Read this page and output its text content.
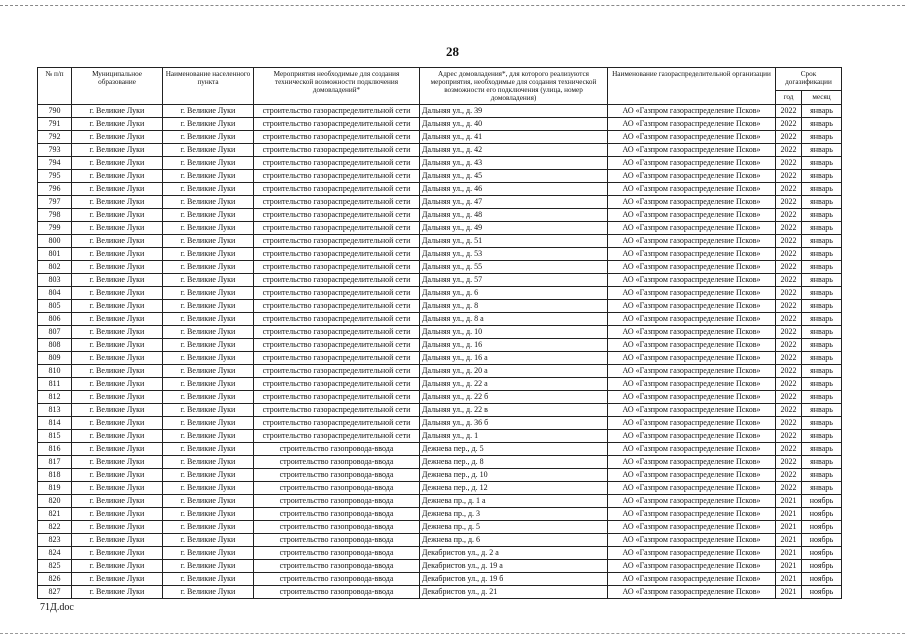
28
№ п/п	Муниципальное образование	Наименование населенного пункта	Мероприятия необходимые для создания технической возможности подключения домовладений*	Адрес домовладения*, для которого реализуются мероприятия, необходимые для создания технической возможности его подключения (улица, номер домовладения)	Наименование газораспределительной организации	Срок догазификации	
						год	месяц
790	г. Великие Луки	г. Великие Луки	строительство газораспределительной сети	Дальняя ул., д. 39	АО «Газпром газораспределение Псков»	2022	январь
791	г. Великие Луки	г. Великие Луки	строительство газораспределительной сети	Дальняя ул., д. 40	АО «Газпром газораспределение Псков»	2022	январь
792	г. Великие Луки	г. Великие Луки	строительство газораспределительной сети	Дальняя ул., д. 41	АО «Газпром газораспределение Псков»	2022	январь
793	г. Великие Луки	г. Великие Луки	строительство газораспределительной сети	Дальняя ул., д. 42	АО «Газпром газораспределение Псков»	2022	январь
794	г. Великие Луки	г. Великие Луки	строительство газораспределительной сети	Дальняя ул., д. 43	АО «Газпром газораспределение Псков»	2022	январь
795	г. Великие Луки	г. Великие Луки	строительство газораспределительной сети	Дальняя ул., д. 45	АО «Газпром газораспределение Псков»	2022	январь
796	г. Великие Луки	г. Великие Луки	строительство газораспределительной сети	Дальняя ул., д. 46	АО «Газпром газораспределение Псков»	2022	январь
797	г. Великие Луки	г. Великие Луки	строительство газораспределительной сети	Дальняя ул., д. 47	АО «Газпром газораспределение Псков»	2022	январь
798	г. Великие Луки	г. Великие Луки	строительство газораспределительной сети	Дальняя ул., д. 48	АО «Газпром газораспределение Псков»	2022	январь
799	г. Великие Луки	г. Великие Луки	строительство газораспределительной сети	Дальняя ул., д. 49	АО «Газпром газораспределение Псков»	2022	январь
800	г. Великие Луки	г. Великие Луки	строительство газораспределительной сети	Дальняя ул., д. 51	АО «Газпром газораспределение Псков»	2022	январь
801	г. Великие Луки	г. Великие Луки	строительство газораспределительной сети	Дальняя ул., д. 53	АО «Газпром газораспределение Псков»	2022	январь
802	г. Великие Луки	г. Великие Луки	строительство газораспределительной сети	Дальняя ул., д. 55	АО «Газпром газораспределение Псков»	2022	январь
803	г. Великие Луки	г. Великие Луки	строительство газораспределительной сети	Дальняя ул., д. 57	АО «Газпром газораспределение Псков»	2022	январь
804	г. Великие Луки	г. Великие Луки	строительство газораспределительной сети	Дальняя ул., д. 6	АО «Газпром газораспределение Псков»	2022	январь
805	г. Великие Луки	г. Великие Луки	строительство газораспределительной сети	Дальняя ул., д. 8	АО «Газпром газораспределение Псков»	2022	январь
806	г. Великие Луки	г. Великие Луки	строительство газораспределительной сети	Дальняя ул., д. 8 а	АО «Газпром газораспределение Псков»	2022	январь
807	г. Великие Луки	г. Великие Луки	строительство газораспределительной сети	Дальняя ул., д. 10	АО «Газпром газораспределение Псков»	2022	январь
808	г. Великие Луки	г. Великие Луки	строительство газораспределительной сети	Дальняя ул., д. 16	АО «Газпром газораспределение Псков»	2022	январь
809	г. Великие Луки	г. Великие Луки	строительство газораспределительной сети	Дальняя ул., д. 16 а	АО «Газпром газораспределение Псков»	2022	январь
810	г. Великие Луки	г. Великие Луки	строительство газораспределительной сети	Дальняя ул., д. 20 а	АО «Газпром газораспределение Псков»	2022	январь
811	г. Великие Луки	г. Великие Луки	строительство газораспределительной сети	Дальняя ул., д. 22 а	АО «Газпром газораспределение Псков»	2022	январь
812	г. Великие Луки	г. Великие Луки	строительство газораспределительной сети	Дальняя ул., д. 22 б	АО «Газпром газораспределение Псков»	2022	январь
813	г. Великие Луки	г. Великие Луки	строительство газораспределительной сети	Дальняя ул., д. 22 в	АО «Газпром газораспределение Псков»	2022	январь
814	г. Великие Луки	г. Великие Луки	строительство газораспределительной сети	Дальняя ул., д. 36 б	АО «Газпром газораспределение Псков»	2022	январь
815	г. Великие Луки	г. Великие Луки	строительство газораспределительной сети	Дальняя ул., д. 1	АО «Газпром газораспределение Псков»	2022	январь
816	г. Великие Луки	г. Великие Луки	строительство газопровода-ввода	Дежнева пер., д. 5	АО «Газпром газораспределение Псков»	2022	январь
817	г. Великие Луки	г. Великие Луки	строительство газопровода-ввода	Дежнева пер., д. 8	АО «Газпром газораспределение Псков»	2022	январь
818	г. Великие Луки	г. Великие Луки	строительство газопровода-ввода	Дежнева пер., д. 10	АО «Газпром газораспределение Псков»	2022	январь
819	г. Великие Луки	г. Великие Луки	строительство газопровода-ввода	Дежнева пер., д. 12	АО «Газпром газораспределение Псков»	2022	январь
820	г. Великие Луки	г. Великие Луки	строительство газопровода-ввода	Дежнева пр., д. 1 а	АО «Газпром газораспределение Псков»	2021	ноябрь
821	г. Великие Луки	г. Великие Луки	строительство газопровода-ввода	Дежнева пр., д. 3	АО «Газпром газораспределение Псков»	2021	ноябрь
822	г. Великие Луки	г. Великие Луки	строительство газопровода-ввода	Дежнева пр., д. 5	АО «Газпром газораспределение Псков»	2021	ноябрь
823	г. Великие Луки	г. Великие Луки	строительство газопровода-ввода	Дежнева пр., д. 6	АО «Газпром газораспределение Псков»	2021	ноябрь
824	г. Великие Луки	г. Великие Луки	строительство газопровода-ввода	Декабристов ул., д. 2 а	АО «Газпром газораспределение Псков»	2021	ноябрь
825	г. Великие Луки	г. Великие Луки	строительство газопровода-ввода	Декабристов ул., д. 19 а	АО «Газпром газораспределение Псков»	2021	ноябрь
826	г. Великие Луки	г. Великие Луки	строительство газопровода-ввода	Декабристов ул., д. 19 б	АО «Газпром газораспределение Псков»	2021	ноябрь
827	г. Великие Луки	г. Великие Луки	строительство газопровода-ввода	Декабристов ул., д. 21	АО «Газпром газораспределение Псков»	2021	ноябрь
71Д.doc
